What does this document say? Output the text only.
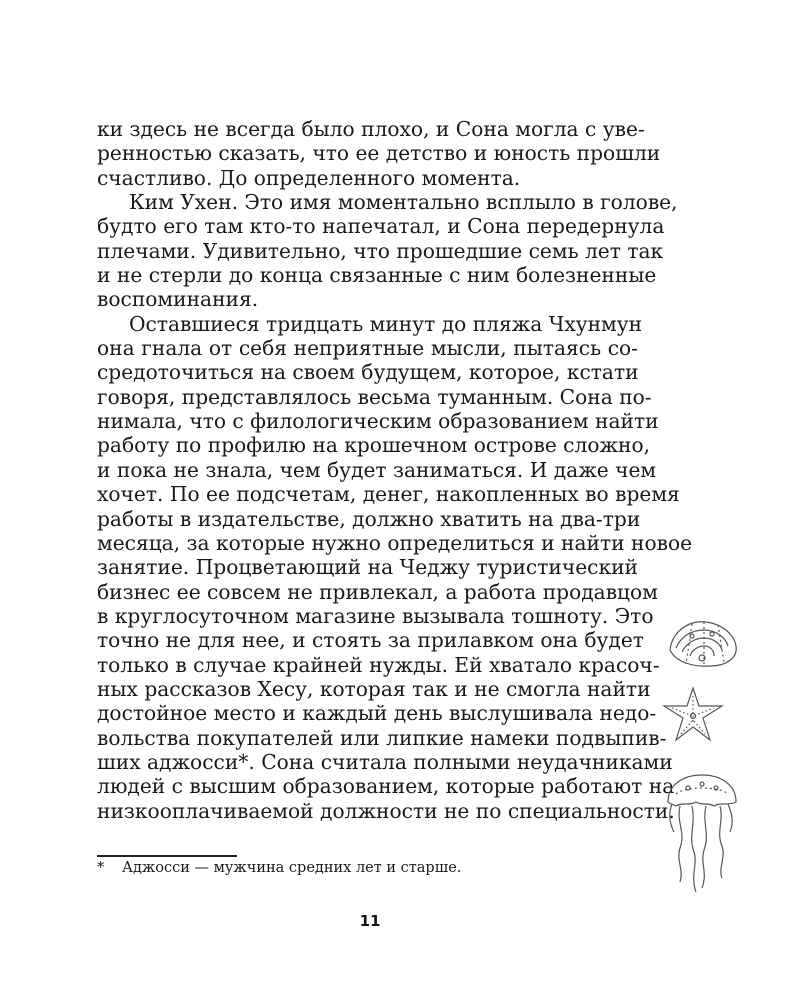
ки здесь не всегда было плохо, и Сона могла с уве-
ренностью сказать, что ее детство и юность прошли
счастливо. До определенного момента.
Ким Ухен. Это имя моментально всплыло в голове,
будто его там кто-то напечатал, и Сона передернула
плечами. Удивительно, что прошедшие семь лет так
и не стерли до конца связанные с ним болезненные
воспоминания.
Оставшиеся тридцать минут до пляжа Чхунмун
она гнала от себя неприятные мысли, пытаясь со-
средоточиться на своем будущем, которое, кстати
говоря, представлялось весьма туманным. Сона по-
нимала, что с филологическим образованием найти
работу по профилю на крошечном острове сложно,
и пока не знала, чем будет заниматься. И даже чем
хочет. По ее подсчетам, денег, накопленных во время
работы в издательстве, должно хватить на два-три
месяца, за которые нужно определиться и найти новое
занятие. Процветающий на Чеджу туристический
бизнес ее совсем не привлекал, а работа продавцом
в круглосуточном магазине вызывала тошноту. Это
точно не для нее, и стоять за прилавком она будет
только в случае крайней нужды. Ей хватало красоч-
ных рассказов Хесу, которая так и не смогла найти
достойное место и каждый день выслушивала недо-
вольства покупателей или липкие намеки подвыпив-
ших аджосси*. Сона считала полными неудачниками
людей с высшим образованием, которые работают на
низкооплачиваемой должности не по специальности.
* Аджосси — мужчина средних лет и старше.
11
